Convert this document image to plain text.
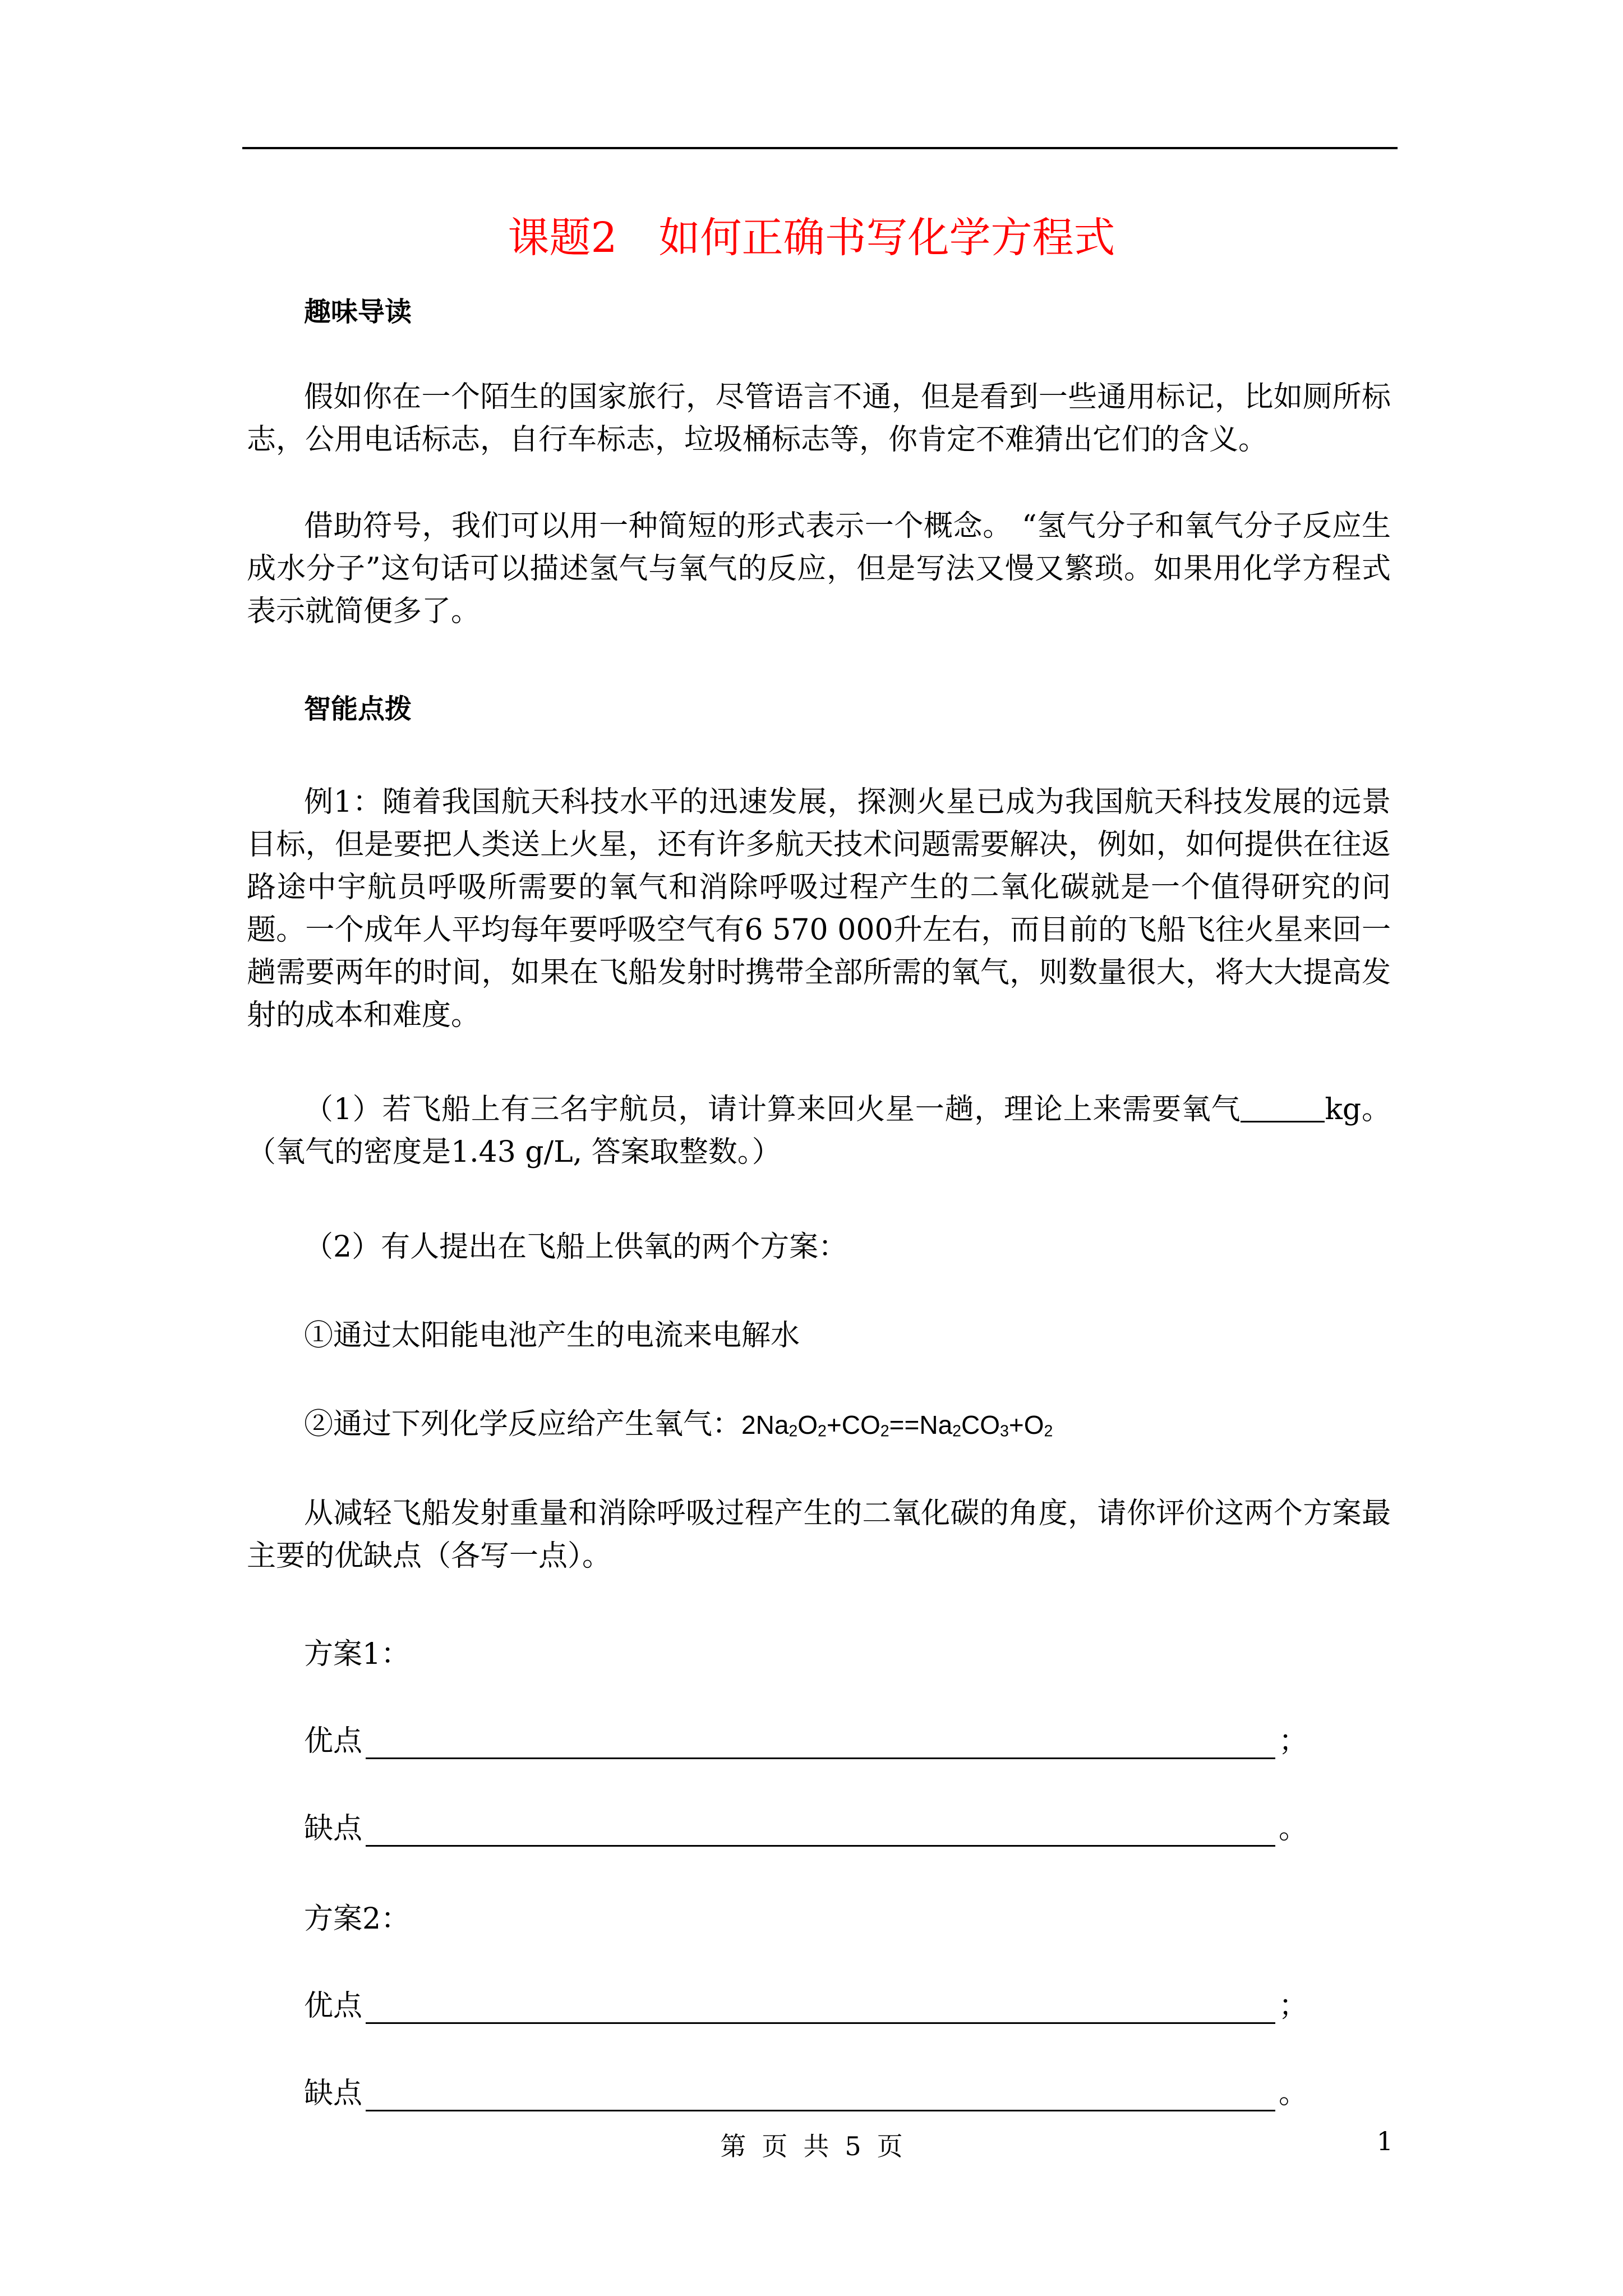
课题2　如何正确书写化学方程式
趣味导读
假如你在一个陌生的国家旅行，尽管语言不通，但是看到一些通用标记，比如厕所标志，公用电话标志，自行车标志，垃圾桶标志等，你肯定不难猜出它们的含义。
借助符号，我们可以用一种简短的形式表示一个概念。 “氢气分子和氧气分子反应生成水分子”这句话可以描述氢气与氧气的反应，但是写法又慢又繁琐。如果用化学方程式表示就简便多了。
智能点拨
例1：随着我国航天科技水平的迅速发展，探测火星已成为我国航天科技发展的远景目标，但是要把人类送上火星，还有许多航天技术问题需要解决，例如，如何提供在往返路途中宇航员呼吸所需要的氧气和消除呼吸过程产生的二氧化碳就是一个值得研究的问题。一个成年人平均每年要呼吸空气有6 570 000升左右，而目前的飞船飞往火星来回一趟需要两年的时间，如果在飞船发射时携带全部所需的氧气，则数量很大，将大大提高发射的成本和难度。
（1）若飞船上有三名宇航员，请计算来回火星一趟，理论上来需要氧气	kg。（氧气的密度是1.43 g/L, 答案取整数。）
（2）有人提出在飞船上供氧的两个方案：
①通过太阳能电池产生的电流来电解水
②通过下列化学反应给产生氧气：2Na2O2+CO2==Na2CO3+O2
从减轻飞船发射重量和消除呼吸过程产生的二氧化碳的角度，请你评价这两个方案最主要的优缺点（各写一点）。
方案1：
优点	；
缺点	。
方案2：
优点	；
缺点	。
第 页 共 5 页	1
